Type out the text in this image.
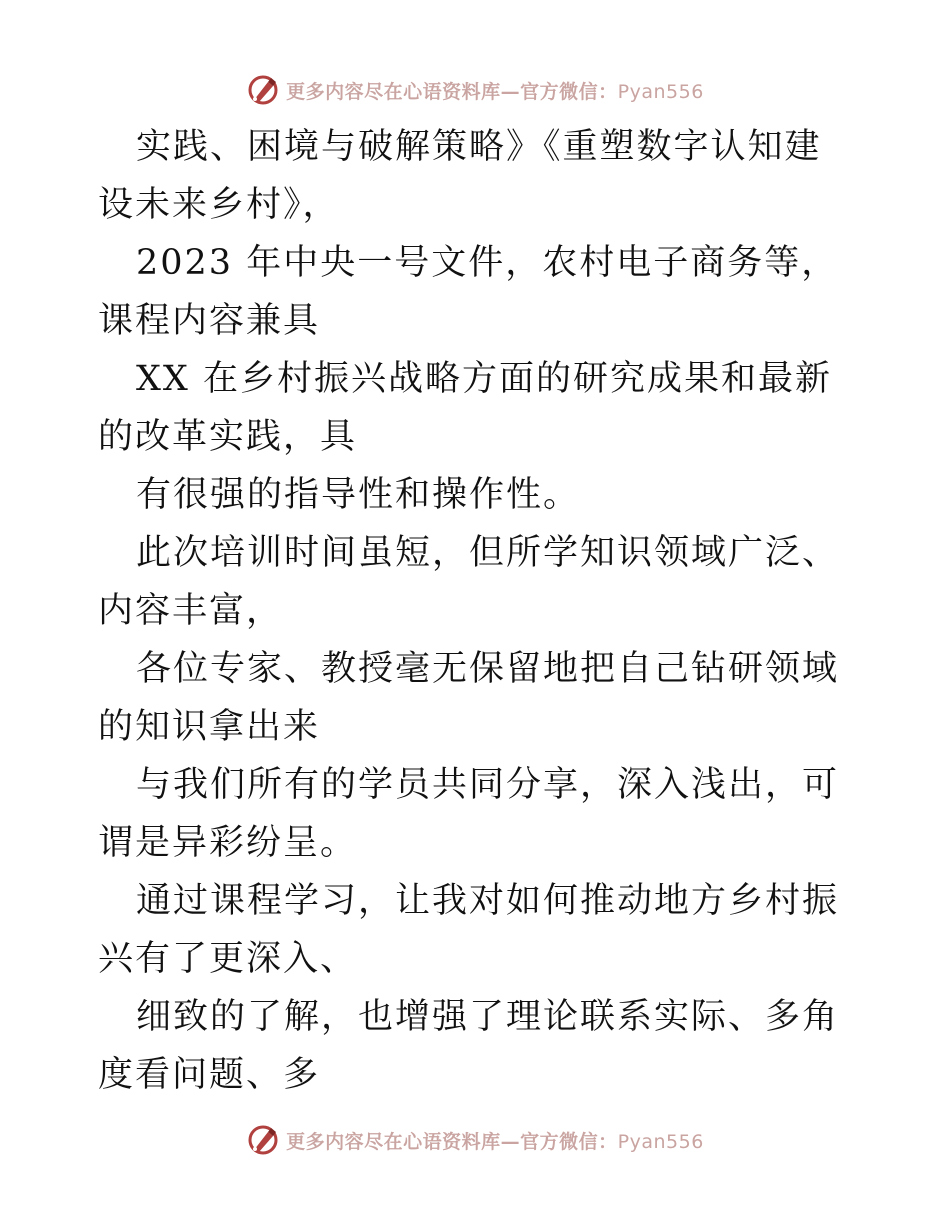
更多内容尽在心语资料库—官方微信：Pyan556

实践、困境与破解策略》《重塑数字认知建设未来乡村》，

2023 年中央一号文件，农村电子商务等，课程内容兼具

XX 在乡村振兴战略方面的研究成果和最新的改革实践，具

有很强的指导性和操作性。

此次培训时间虽短，但所学知识领域广泛、内容丰富，

各位专家、教授毫无保留地把自己钻研领域的知识拿出来

与我们所有的学员共同分享，深入浅出，可谓是异彩纷呈。

通过课程学习，让我对如何推动地方乡村振兴有了更深入、

细致的了解，也增强了理论联系实际、多角度看问题、多

更多内容尽在心语资料库—官方微信：Pyan556
